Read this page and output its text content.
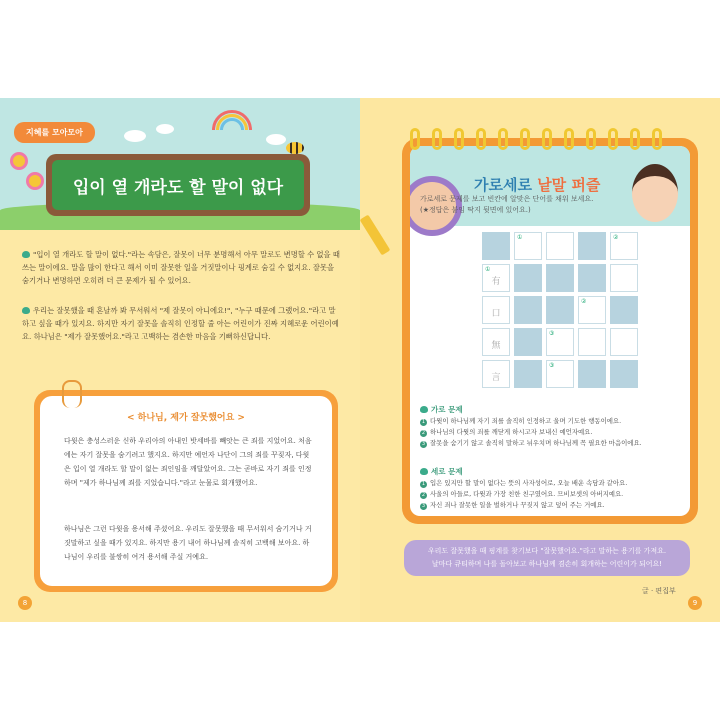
지혜를 모아모아
입이 열 개라도 할 말이 없다
"입이 열 개라도 할 말이 없다."라는 속담은, 잘못이 너무 분명해서 아무 말로도 변명할 수 없을 때 쓰는 말이에요. 말을 많이 한다고 해서 이미 잘못한 일을 거짓말이나 핑계로 숨길 수 없지요. 잘못을 숨기거나 변명하면 오히려 더 큰 문제가 될 수 있어요.
우리는 잘못했을 때 혼날까 봐 무서워서 "제 잘못이 아니에요!", "누구 때문에 그랬어요."라고 말하고 싶을 때가 있지요. 하지만 자기 잘못을 솔직히 인정할 줄 아는 어린이가 진짜 지혜로운 어린이예요. 하나님은 "제가 잘못했어요."라고 고백하는 겸손한 마음을 기뻐하신답니다.
< 하나님, 제가 잘못했어요 >
다윗은 충성스러운 신하 우리아의 아내인 밧세바를 빼앗는 큰 죄를 지었어요. 처음에는 자기 잘못을 숨기려고 했지요. 하지만 예언자 나단이 그의 죄를 꾸짖자, 다윗은 입이 열 개라도 할 말이 없는 죄인임을 깨달았어요. 그는 곧바로 자기 죄를 인정하며 "제가 하나님께 죄를 지었습니다."라고 눈물로 회개했어요.
하나님은 그런 다윗을 용서해 주셨어요. 우리도 잘못했을 때 무서워서 숨기거나 거짓말하고 싶을 때가 있지요. 하지만 용기 내어 하나님께 솔직히 고백해 보아요. 하나님이 우리를 불쌍히 여겨 용서해 주실 거예요.
8
가로세로 낱말 퍼즐
가로세로 문제를 보고 빈칸에 알맞은 단어를 채워 보세요.
(★정답은 붙임 딱지 뒷면에 있어요.)
①	②
①
有
口
②
無
③
言
③
가로 문제
1 다윗이 하나님께 자기 죄를 솔직히 인정하고 울며 기도한 행동이에요.
2 하나님의 다윗의 죄를 깨닫게 하시고자 보내신 예언자예요.
3 잘못을 숨기기 않고 솔직히 말하고 뉘우치며 하나님께 꼭 필요한 마음이에요.
세로 문제
1 입은 있지만 할 말이 없다는 뜻의 사자성어로, 오늘 배운 속담과 같아요.
2 사울의 아들로, 다윗과 가장 친한 친구였어요. 므비보셋의 아버지예요.
3 자신 죄나 잘못한 일을 벌하거나 꾸짖지 않고 덮어 주는 거예요.
우리도 잘못했을 때 핑계를 찾기보다 "잘못했어요."라고 말하는 용기를 가져요.
날마다 큐티하며 나를 돌아보고 하나님께 겸손히 회개하는 어린이가 되어요!
글 · 편집부
9
